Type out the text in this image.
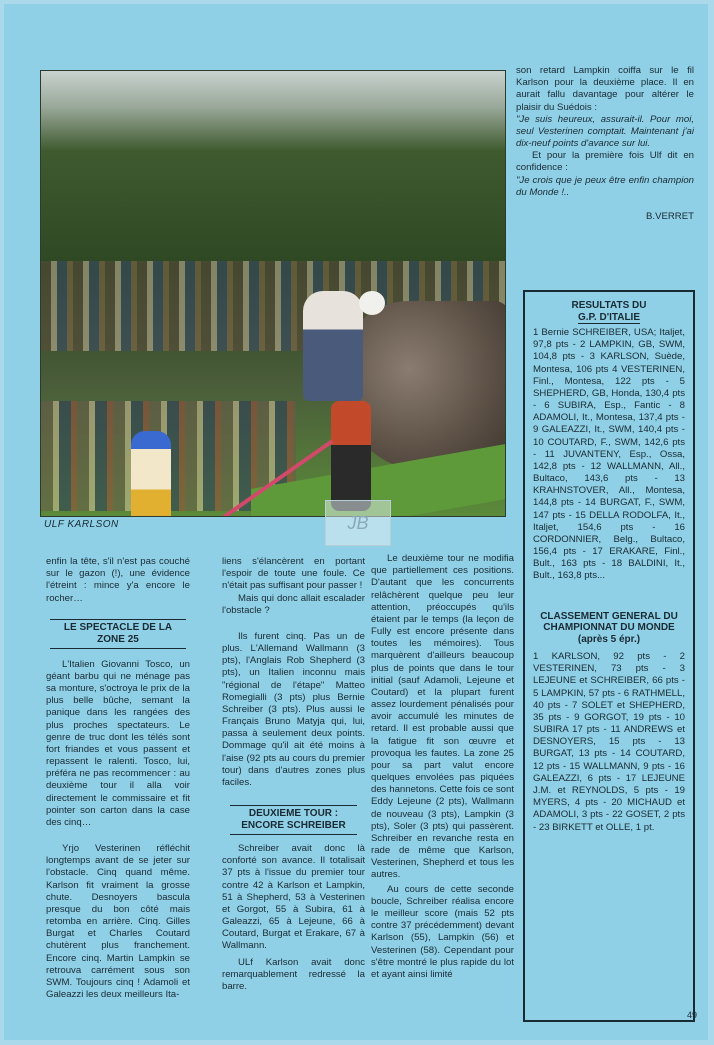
ULF KARLSON	JB

son retard Lampkin coiffa sur le fil Karlson pour la deuxième place. Il en aurait fallu davantage pour altérer le plaisir du Suédois :

"Je suis heureux, assurait-il. Pour moi, seul Vesterinen comptait. Maintenant j'ai dix-neuf points d'avance sur lui.

Et pour la première fois Ulf dit en confidence :

"Je crois que je peux être enfin champion du Monde !..

B.VERRET
RESULTATS DU
G.P. D'ITALIE

1 Bernie SCHREIBER, USA; Italjet, 97,8 pts - 2 LAMPKIN, GB, SWM, 104,8 pts - 3 KARLSON, Suède, Montesa, 106 pts 4 VESTERINEN, Finl., Montesa, 122 pts - 5 SHEPHERD, GB, Honda, 130,4 pts - 6 SUBIRA, Esp., Fantic - 8 ADAMOLI, It., Montesa, 137,4 pts - 9 GALEAZZI, It., SWM, 140,4 pts - 10 COUTARD, F., SWM, 142,6 pts - 11 JUVANTENY, Esp., Ossa, 142,8 pts - 12 WALLMANN, All., Bultaco, 143,6 pts - 13 KRAHNSTOVER, All., Montesa, 144,8 pts - 14 BURGAT, F., SWM, 147 pts - 15 DELLA RODOLFA, It., Italjet, 154,6 pts - 16 CORDONNIER, Belg., Bultaco, 156,4 pts - 17 ERAKARE, Finl., Bult., 163 pts - 18 BALDINI, It., Bult., 163,8 pts...

CLASSEMENT GENERAL DU CHAMPIONNAT DU MONDE (après 5 épr.)

1 KARLSON, 92 pts - 2 VESTERINEN, 73 pts - 3 LEJEUNE et SCHREIBER, 66 pts - 5 LAMPKIN, 57 pts - 6 RATHMELL, 40 pts - 7 SOLET et SHEPHERD, 35 pts - 9 GORGOT, 19 pts - 10 SUBIRA 17 pts - 11 ANDREWS et DESNOYERS, 15 pts - 13 BURGAT, 13 pts - 14 COUTARD, 12 pts - 15 WALLMANN, 9 pts - 16 GALEAZZI, 6 pts - 17 LEJEUNE J.M. et REYNOLDS, 5 pts - 19 MYERS, 4 pts - 20 MICHAUD et ADAMOLI, 3 pts - 22 GOSET, 2 pts - 23 BIRKETT et OLLE, 1 pt.

enfin la tête, s'il n'est pas couché sur le gazon (!), une évidence l'étreint : mince y'a encore le rocher…

LE SPECTACLE DE LA ZONE 25

L'Italien Giovanni Tosco, un géant barbu qui ne ménage pas sa monture, s'octroya le prix de la plus belle bûche, semant la panique dans les rangées des plus proches spectateurs. Le genre de truc dont les télés sont fort friandes et vous passent et repassent le ralenti. Tosco, lui, préféra ne pas recommencer : au deuxième tour il alla voir directement le commissaire et fit pointer son carton dans la case des cinq…

Yrjo Vesterinen réfléchit longtemps avant de se jeter sur l'obstacle. Cinq quand même. Karlson fit vraiment la grosse chute. Desnoyers bascula presque du bon côté mais retomba en arrière. Cinq. Gilles Burgat et Charles Coutard chutèrent plus franchement. Encore cinq. Martin Lampkin se retrouva carrément sous son SWM. Toujours cinq ! Adamoli et Galeazzi les deux meilleurs Ita-

liens s'élancèrent en portant l'espoir de toute une foule. Ce n'était pas suffisant pour passer !

Mais qui donc allait escalader l'obstacle ?

Ils furent cinq. Pas un de plus. L'Allemand Wallmann (3 pts), l'Anglais Rob Shepherd (3 pts), un Italien inconnu mais "régional de l'étape" Matteo Romegialli (3 pts) plus Bernie Schreiber (3 pts). Plus aussi le Français Bruno Matyja qui, lui, passa à seulement deux points. Dommage qu'il ait été moins à l'aise (92 pts au cours du premier tour) dans d'autres zones plus faciles.

DEUXIEME TOUR : ENCORE SCHREIBER

Schreiber avait donc là conforté son avance. Il totalisait 37 pts à l'issue du premier tour contre 42 à Karlson et Lampkin, 51 à Shepherd, 53 à Vesterinen et Gorgot, 55 à Subira, 61 à Galeazzi, 65 à Lejeune, 66 à Coutard, Burgat et Erakare, 67 à Wallmann.

ULf Karlson avait donc remarquablement redressé la barre.

Le deuxième tour ne modifia que partiellement ces positions. D'autant que les concurrents relâchèrent quelque peu leur attention, préoccupés qu'ils étaient par le temps (la leçon de Fully est encore présente dans toutes les mémoires). Tous marquèrent d'ailleurs beaucoup plus de points que dans le tour initial (sauf Adamoli, Lejeune et Coutard) et la plupart furent assez lourdement pénalisés pour avoir accumulé les minutes de retard. Il est probable aussi que la fatigue fit son œuvre et provoqua les fautes. La zone 25 pour sa part valut encore quelques envolées pas piquées des hannetons. Cette fois ce sont Eddy Lejeune (2 pts), Wallmann de nouveau (3 pts), Lampkin (3 pts), Soler (3 pts) qui passèrent. Schreiber en revanche resta en rade de même que Karlson, Vesterinen, Shepherd et tous les autres.

Au cours de cette seconde boucle, Schreiber réalisa encore le meilleur score (mais 52 pts contre 37 précédemment) devant Karlson (55), Lampkin (56) et Vesterinen (58). Cependant pour s'être montré le plus rapide du lot et ayant ainsi limité

49
